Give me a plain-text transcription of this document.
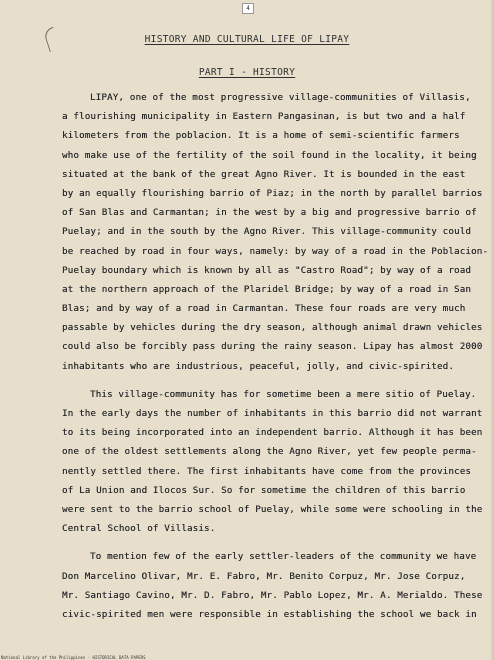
4
HISTORY AND CULTURAL LIFE OF LIPAY
PART I - HISTORY
LIPAY, one of the most progressive village-communities of Villasis,
a flourishing municipality in Eastern Pangasinan, is but two and a half
kilometers from the poblacion. It is a home of semi-scientific farmers
who make use of the fertility of the soil found in the locality, it being
situated at the bank of the great Agno River. It is bounded in the east
by an equally flourishing barrio of Piaz; in the north by parallel barrios
of San Blas and Carmantan; in the west by a big and progressive barrio of
Puelay; and in the south by the Agno River. This village-community could
be reached by road in four ways, namely: by way of a road in the Poblacion-
Puelay boundary which is known by all as "Castro Road"; by way of a road
at the northern approach of the Plaridel Bridge; by way of a road in San
Blas; and by way of a road in Carmantan. These four roads are very much
passable by vehicles during the dry season, although animal drawn vehicles
could also be forcibly pass during the rainy season. Lipay has almost 2000
inhabitants who are industrious, peaceful, jolly, and civic-spirited.
This village-community has for sometime been a mere sitio of Puelay.
In the early days the number of inhabitants in this barrio did not warrant
to its being incorporated into an independent barrio. Although it has been
one of the oldest settlements along the Agno River, yet few people perma-
nently settled there. The first inhabitants have come from the provinces
of La Union and Ilocos Sur. So for sometime the children of this barrio
were sent to the barrio school of Puelay, while some were schooling in the
Central School of Villasis.
To mention few of the early settler-leaders of the community we have
Don Marcelino Olivar, Mr. E. Fabro, Mr. Benito Corpuz, Mr. Jose Corpuz,
Mr. Santiago Cavino, Mr. D. Fabro, Mr. Pablo Lopez, Mr. A. Merialdo. These
civic-spirited men were responsible in establishing the school we back in
National Library of the Philippines · HISTORICAL DATA PAPERS
